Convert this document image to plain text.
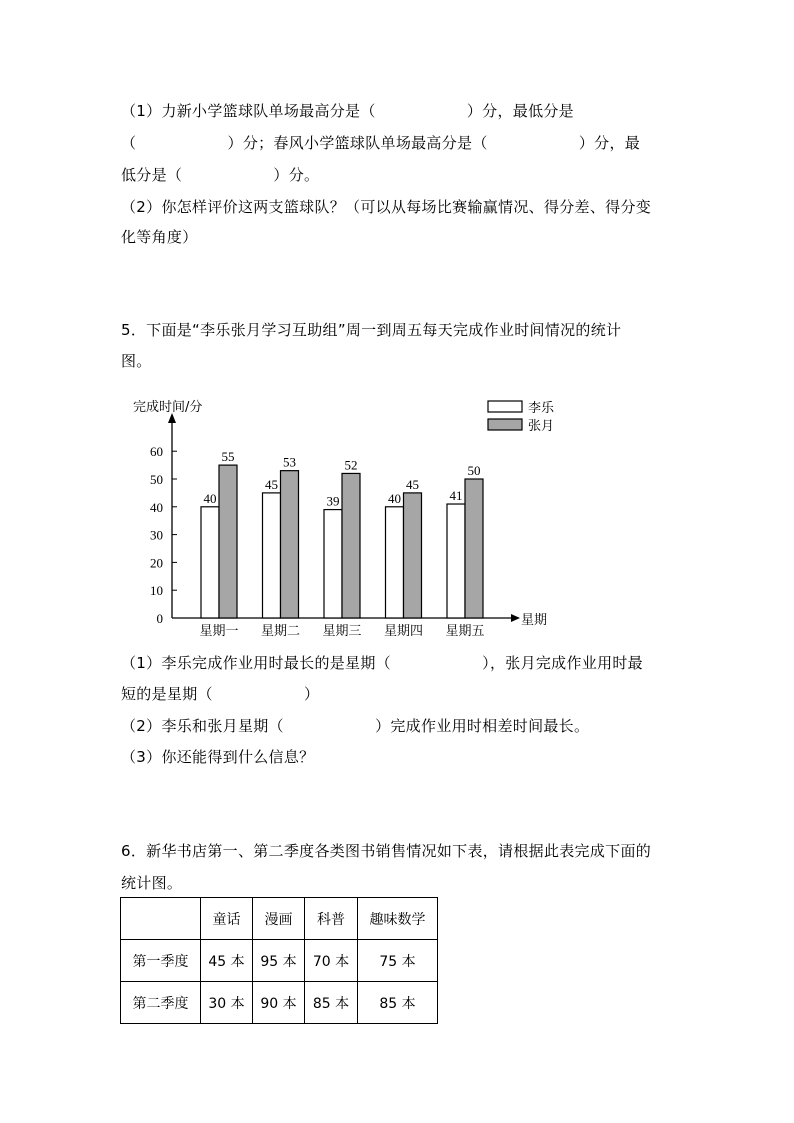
（1）力新小学篮球队单场最高分是（                  ）分，最低分是
（                  ）分；春风小学篮球队单场最高分是（                  ）分，最
低分是（                  ）分。
（2）你怎样评价这两支篮球队？（可以从每场比赛输赢情况、得分差、得分变
化等角度）
5．下面是“李乐张月学习互助组”周一到周五每天完成作业时间情况的统计
图。
0
10
20
30
40
50
60
完成时间/分
星期
40
55
星期一
45
53
星期二
39
52
星期三
40
45
星期四
41
50
星期五
李乐
张月
（1）李乐完成作业用时最长的是星期（                  ），张月完成作业用时最
短的是星期（                  ）
（2）李乐和张月星期（                  ）完成作业用时相差时间最长。
（3）你还能得到什么信息？
6．新华书店第一、第二季度各类图书销售情况如下表，请根据此表完成下面的
统计图。
	童话	漫画	科普	趣味数学
第一季度	45 本	95 本	70 本	75 本
第二季度	30 本	90 本	85 本	85 本
